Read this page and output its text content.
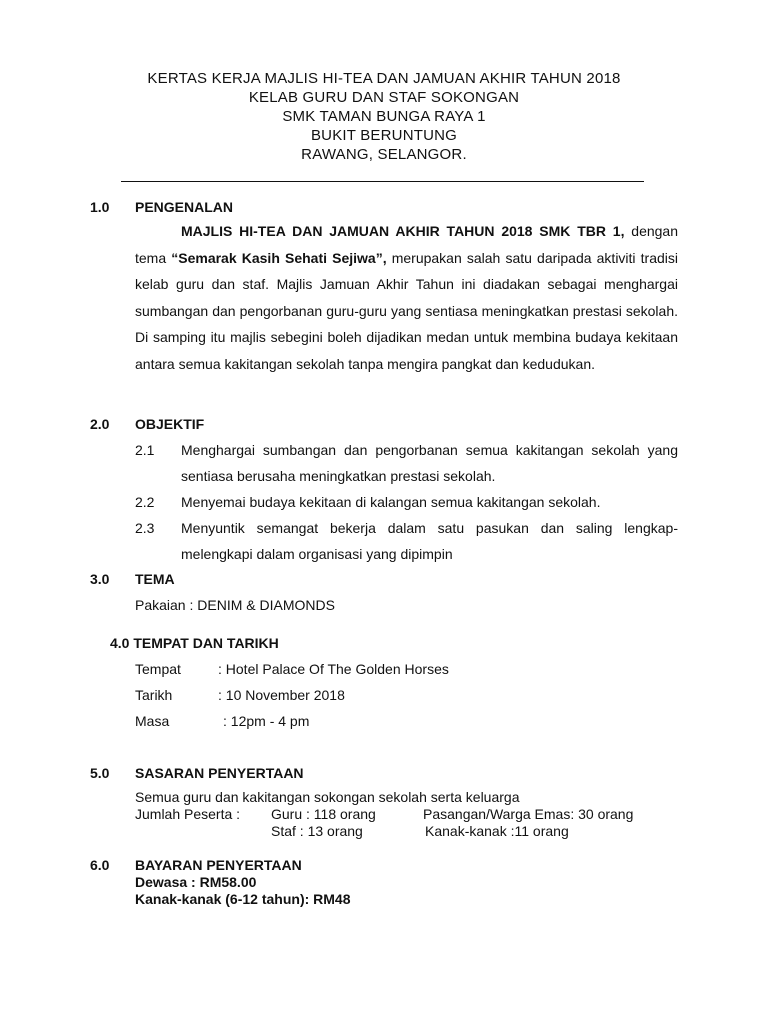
KERTAS KERJA MAJLIS HI-TEA DAN JAMUAN AKHIR TAHUN 2018
KELAB GURU DAN STAF SOKONGAN
SMK TAMAN BUNGA RAYA 1
BUKIT BERUNTUNG
RAWANG, SELANGOR.
1.0 PENGENALAN
MAJLIS HI-TEA DAN JAMUAN AKHIR TAHUN 2018 SMK TBR 1, dengan tema “Semarak Kasih Sehati Sejiwa”, merupakan salah satu daripada aktiviti tradisi kelab guru dan staf. Majlis Jamuan Akhir Tahun ini diadakan sebagai menghargai sumbangan dan pengorbanan guru-guru yang sentiasa meningkatkan prestasi sekolah. Di samping itu majlis sebegini boleh dijadikan medan untuk membina budaya kekitaan antara semua kakitangan sekolah tanpa mengira pangkat dan kedudukan.
2.0 OBJEKTIF
2.1 Menghargai sumbangan dan pengorbanan semua kakitangan sekolah yang sentiasa berusaha meningkatkan prestasi sekolah.
2.2 Menyemai budaya kekitaan di kalangan semua kakitangan sekolah.
2.3 Menyuntik semangat bekerja dalam satu pasukan dan saling lengkap-melengkapi dalam organisasi yang dipimpin
3.0 TEMA
Pakaian : DENIM & DIAMONDS
4.0 TEMPAT DAN TARIKH
Tempat	: Hotel Palace Of The Golden Horses
Tarikh	: 10 November 2018
Masa	: 12pm - 4 pm
5.0 SASARAN PENYERTAAN
Semua guru dan kakitangan sokongan sekolah serta keluarga
Jumlah Peserta : Guru : 118 orang	Pasangan/Warga Emas: 30 orang
Staf : 13 orang	Kanak-kanak :11 orang
6.0 BAYARAN PENYERTAAN
Dewasa : RM58.00
Kanak-kanak (6-12 tahun): RM48
